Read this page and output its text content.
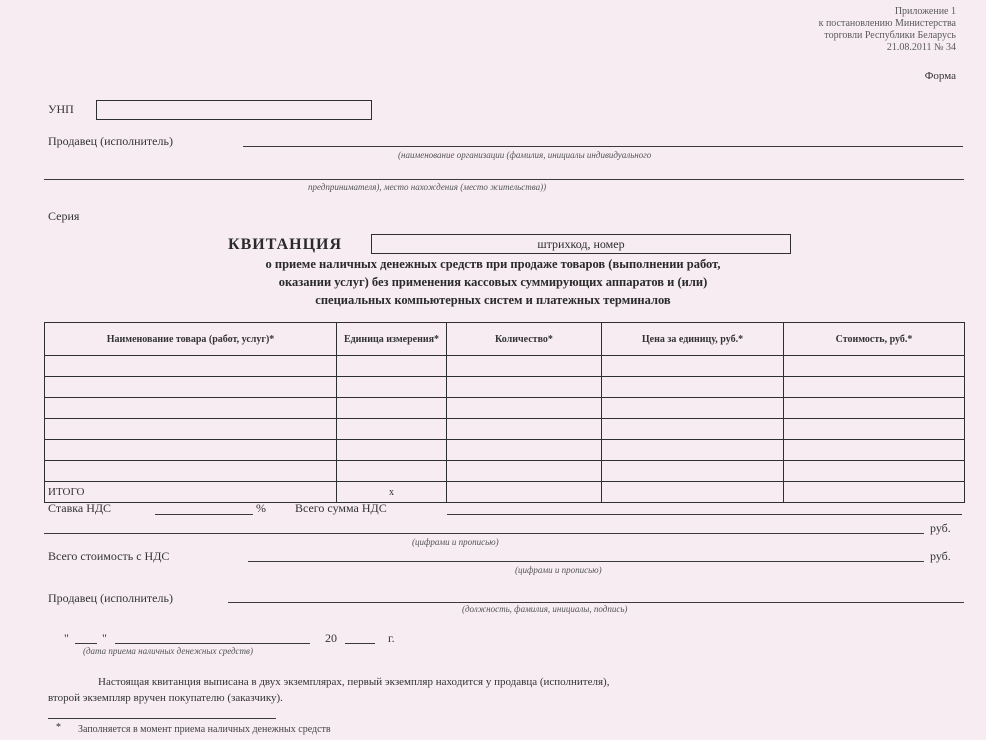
Приложение 1
к постановлению Министерства
торговли Республики Беларусь
21.08.2011 № 34
Форма
УНП
Продавец (исполнитель)
(наименование организации (фамилия, инициалы индивидуального
предпринимателя), место нахождения (место жительства))
Серия
КВИТАНЦИЯ	штрихкод, номер
о приеме наличных денежных средств при продаже товаров (выполнении работ,
оказании услуг) без применения кассовых суммирующих аппаратов и (или)
специальных компьютерных систем и платежных терминалов
Наименование товара (работ, услуг)*	Единица измерения*	Количество*	Цена за единицу, руб.*	Стоимость, руб.*

ИТОГО	x			
Ставка НДС	% Всего сумма НДС
руб.
(цифрами и прописью)
Всего стоимость с НДС	руб.
(цифрами и прописью)
Продавец (исполнитель)
(должность, фамилия, инициалы, подпись)
"	"	20	г.
(дата приема наличных денежных средств)
Настоящая квитанция выписана в двух экземплярах, первый экземпляр находится у продавца (исполнителя),
второй экземпляр вручен покупателю (заказчику).
* Заполняется в момент приема наличных денежных средств
